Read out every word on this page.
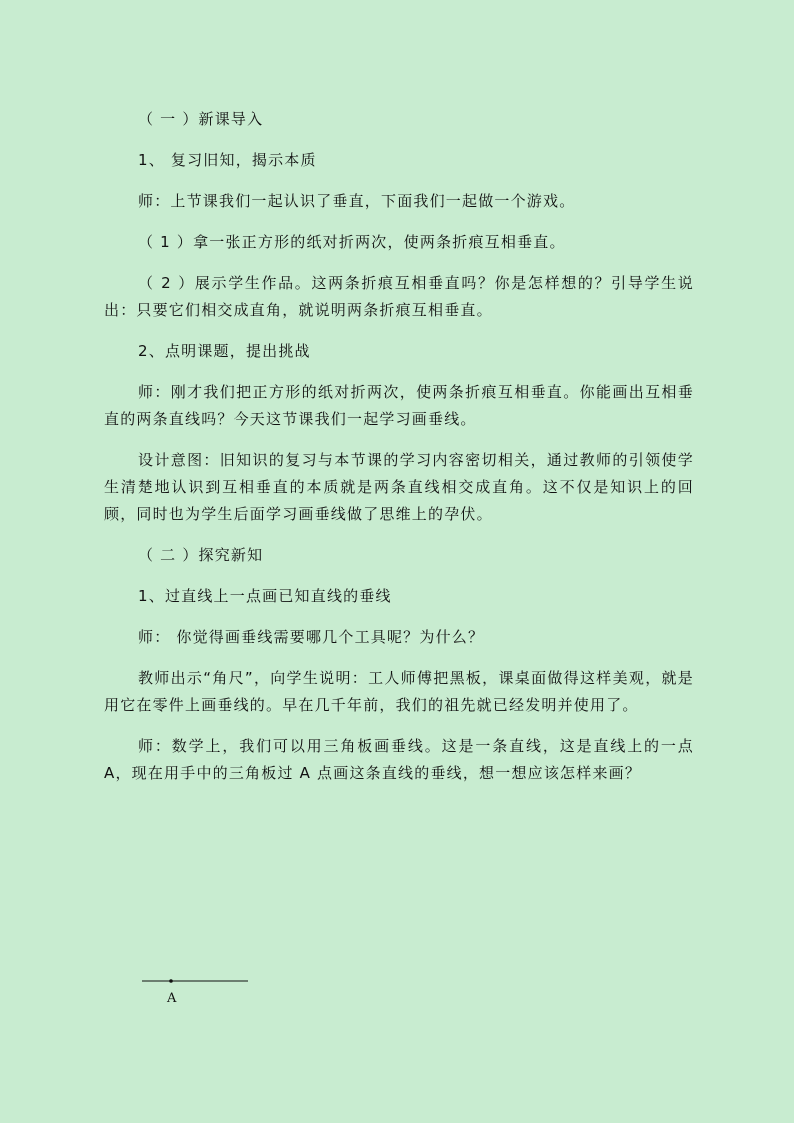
（ 一 ）新课导入

1、 复习旧知，揭示本质

师：上节课我们一起认识了垂直，下面我们一起做一个游戏。

（ 1 ）拿一张正方形的纸对折两次，使两条折痕互相垂直。

（ 2 ）展示学生作品。这两条折痕互相垂直吗？你是怎样想的？引导学生说出：只要它们相交成直角，就说明两条折痕互相垂直。

2、点明课题，提出挑战

师：刚才我们把正方形的纸对折两次，使两条折痕互相垂直。你能画出互相垂直的两条直线吗？今天这节课我们一起学习画垂线。

设计意图：旧知识的复习与本节课的学习内容密切相关，通过教师的引领使学生清楚地认识到互相垂直的本质就是两条直线相交成直角。这不仅是知识上的回顾，同时也为学生后面学习画垂线做了思维上的孕伏。

（ 二 ）探究新知

1、过直线上一点画已知直线的垂线

师： 你觉得画垂线需要哪几个工具呢？为什么？

教师出示“角尺”，向学生说明：工人师傅把黑板，课桌面做得这样美观，就是用它在零件上画垂线的。早在几千年前，我们的祖先就已经发明并使用了。

师：数学上，我们可以用三角板画垂线。这是一条直线，这是直线上的一点 A，现在用手中的三角板过 A 点画这条直线的垂线，想一想应该怎样来画？

A
